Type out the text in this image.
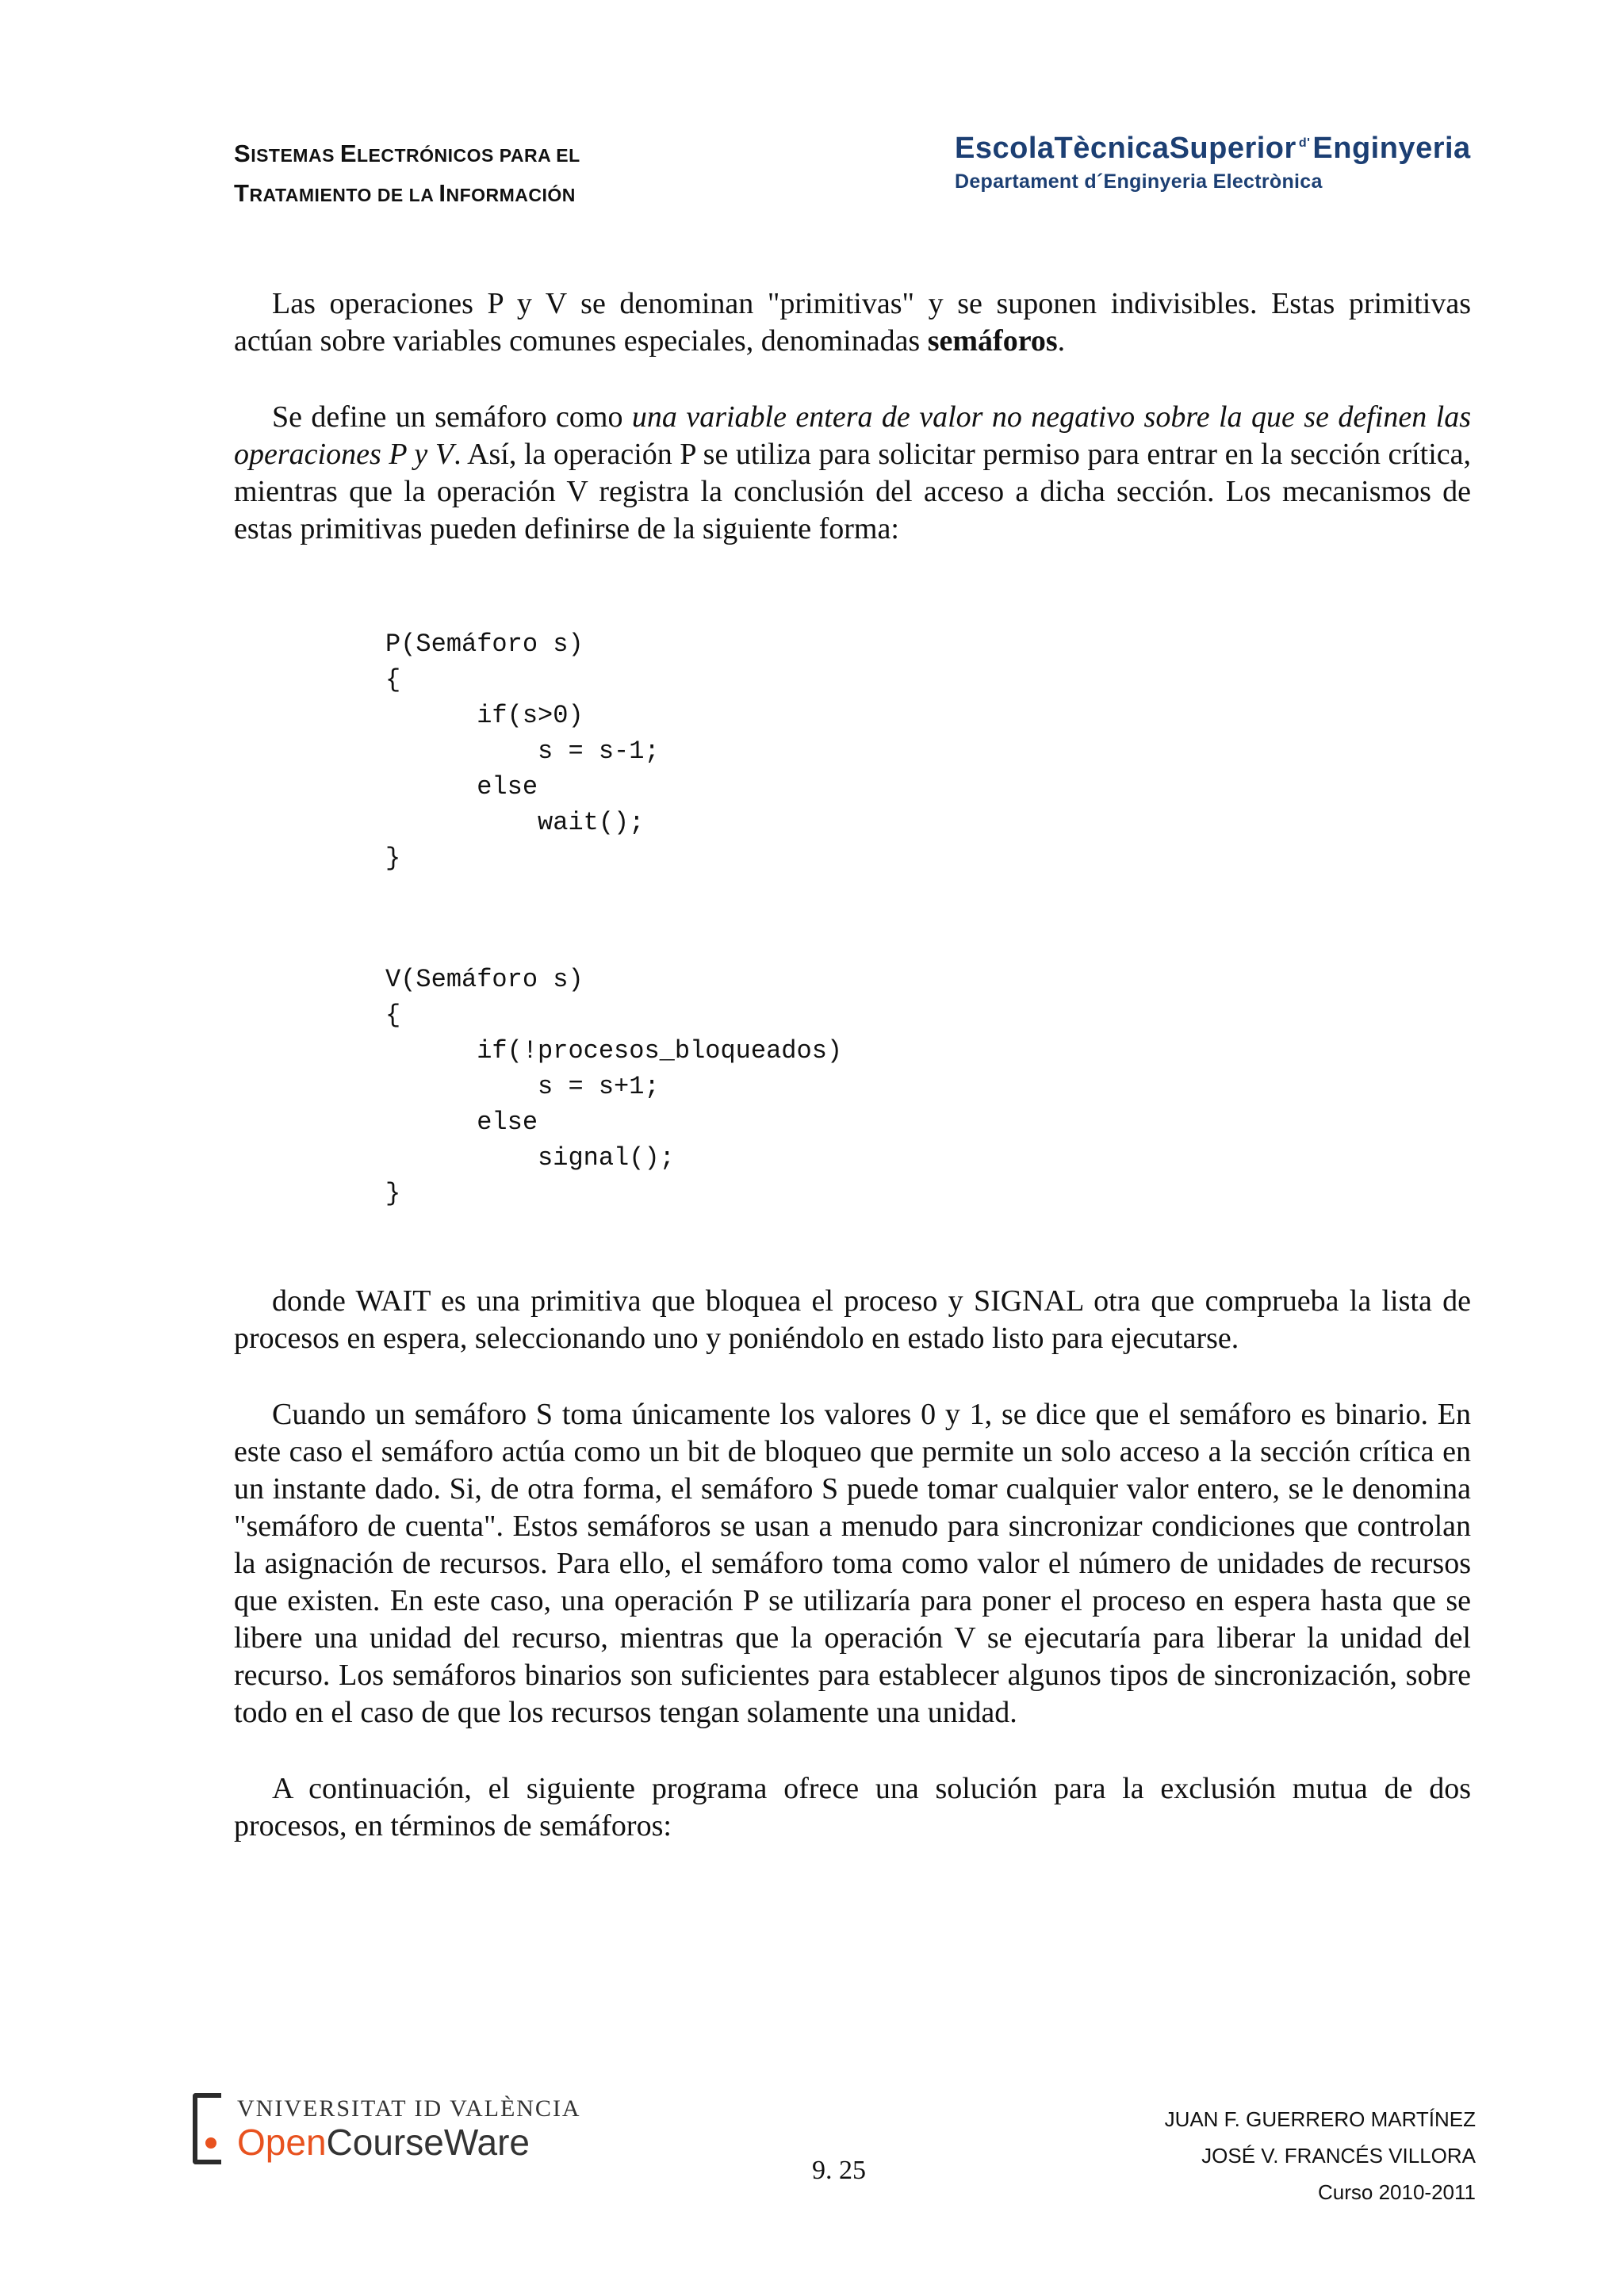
SISTEMAS ELECTRÓNICOS PARA EL
TRATAMIENTO DE LA INFORMACIÓN
EscolaTècnicaSuperior $^{d'}$Enginyeria
Departament d´Enginyeria Electrònica

Las operaciones P y V se denominan "primitivas" y se suponen indivisibles. Estas primitivas actúan sobre variables comunes especiales, denominadas semáforos.

Se define un semáforo como una variable entera de valor no negativo sobre la que se definen las operaciones P y V. Así, la operación P se utiliza para solicitar permiso para entrar en la sección crítica, mientras que la operación V registra la conclusión del acceso a dicha sección. Los mecanismos de estas primitivas pueden definirse de la siguiente forma:

P(Semáforo s)
{
if(s>0)
s = s-1;
else
wait();
}
V(Semáforo s)
{
if(!procesos_bloqueados)
s = s+1;
else
signal();
}

donde WAIT es una primitiva que bloquea el proceso y SIGNAL otra que comprueba la lista de procesos en espera, seleccionando uno y poniéndolo en estado listo para ejecutarse.

Cuando un semáforo S toma únicamente los valores 0 y 1, se dice que el semáforo es binario. En este caso el semáforo actúa como un bit de bloqueo que permite un solo acceso a la sección crítica en un instante dado. Si, de otra forma, el semáforo S puede tomar cualquier valor entero, se le denomina "semáforo de cuenta". Estos semáforos se usan a menudo para sincronizar condiciones que controlan la asignación de recursos. Para ello, el semáforo toma como valor el número de unidades de recursos que existen. En este caso, una operación P se utilizaría para poner el proceso en espera hasta que se libere una unidad del recurso, mientras que la operación V se ejecutaría para liberar la unidad del recurso. Los semáforos binarios son suficientes para establecer algunos tipos de sincronización, sobre todo en el caso de que los recursos tengan solamente una unidad.

A continuación, el siguiente programa ofrece una solución para la exclusión mutua de dos procesos, en términos de semáforos:

VNIVERSITAT ID VALÈNCIA
OpenCourseWare
9. 25
JUAN F. GUERRERO MARTÍNEZ
JOSÉ V. FRANCÉS VILLORA
Curso 2010-2011
